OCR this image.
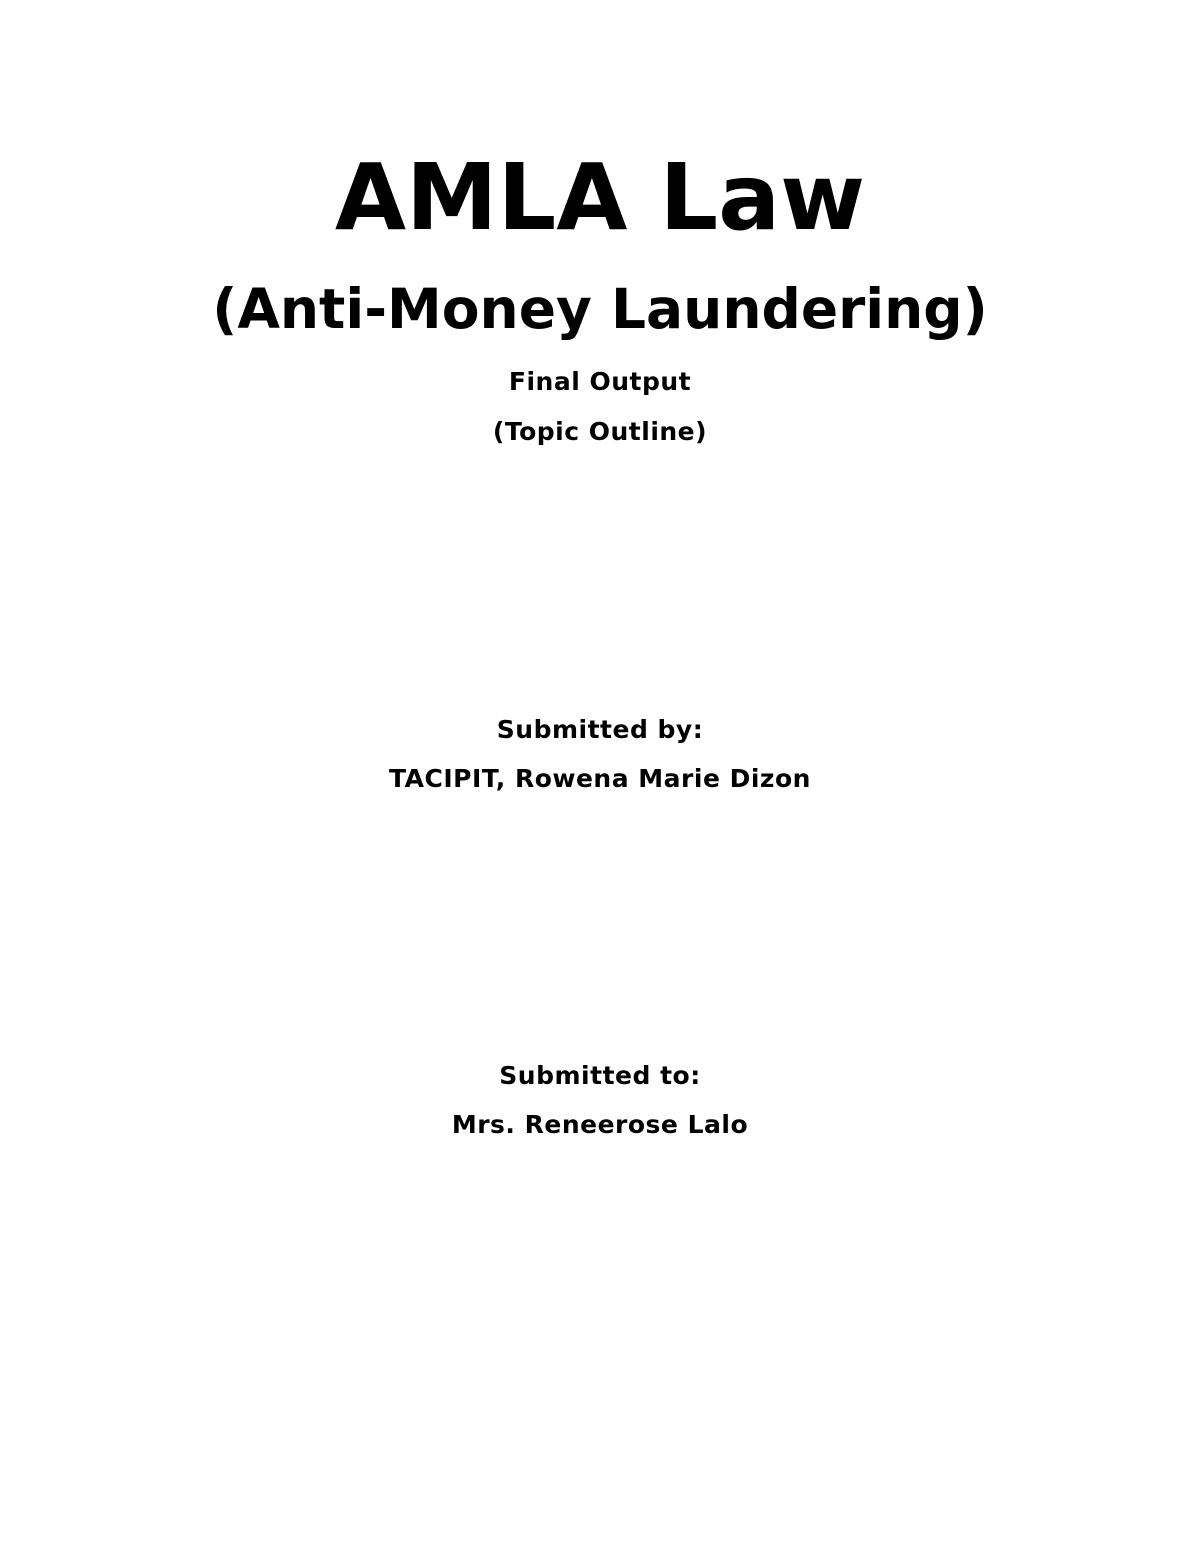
AMLA Law
(Anti-Money Laundering)
Final Output
(Topic Outline)
Submitted by:
TACIPIT, Rowena Marie Dizon
Submitted to:
Mrs. Reneerose Lalo
